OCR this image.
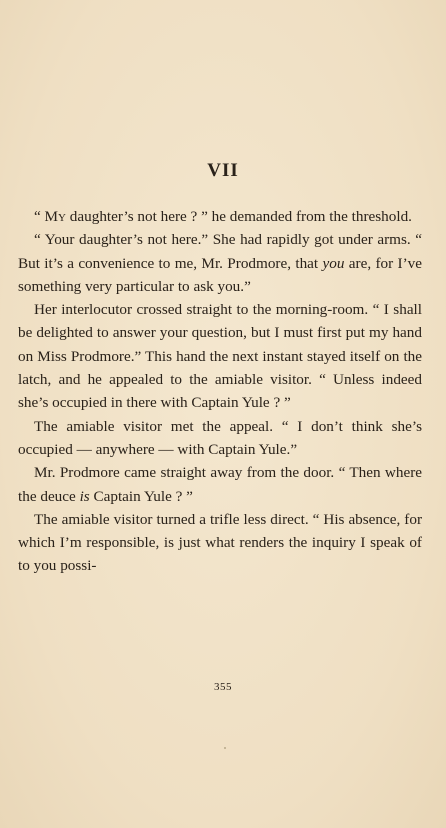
VII

“ My daughter’s not here ? ” he demanded from the threshold.

“ Your daughter’s not here.” She had rapidly got under arms. “ But it’s a convenience to me, Mr. Prodmore, that you are, for I’ve something very particular to ask you.”

Her interlocutor crossed straight to the morning-room. “ I shall be delighted to answer your question, but I must first put my hand on Miss Prodmore.” This hand the next instant stayed itself on the latch, and he appealed to the amiable visitor. “ Unless indeed she’s occupied in there with Captain Yule ? ”

The amiable visitor met the appeal. “ I don’t think she’s occupied — anywhere — with Captain Yule.”

Mr. Prodmore came straight away from the door. “ Then where the deuce is Captain Yule ? ”

The amiable visitor turned a trifle less direct. “ His absence, for which I’m responsible, is just what renders the inquiry I speak of to you possi-

355
